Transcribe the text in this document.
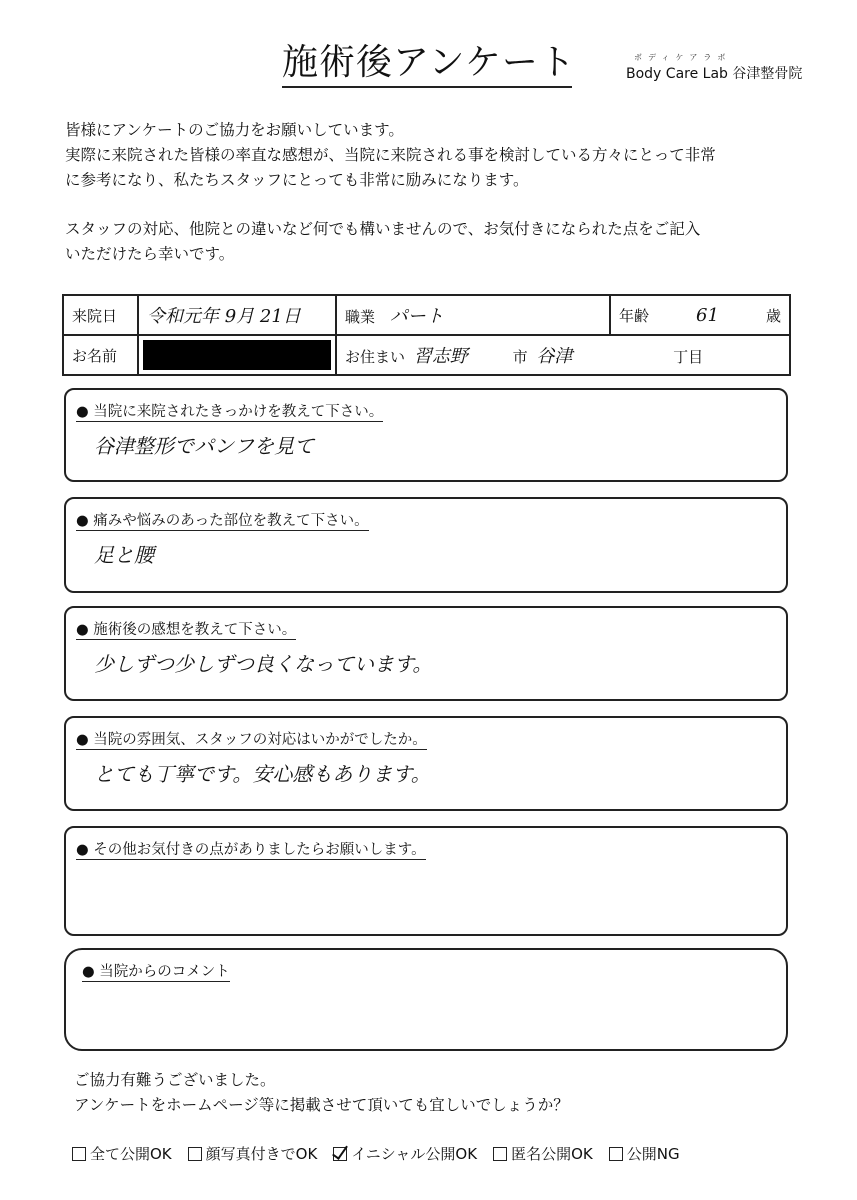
施術後アンケート	ボディケアラボ
Body Care Lab 谷津整骨院

皆様にアンケートのご協力をお願いしています。

実際に来院された皆様の率直な感想が、当院に来院される事を検討している方々にとって非常

に参考になり、私たちスタッフにとっても非常に励みになります。

スタッフの対応、他院との違いなど何でも構いませんので、お気付きになられた点をご記入

いただけたら幸いです。

来院日	令和元年 9月 21日	職業 パート	年齢 61 歳

お名前		お住まい 習志野 市 谷津 丁目	
● 当院に来院されたきっかけを教えて下さい。
谷津整形でパンフを見て
● 痛みや悩みのあった部位を教えて下さい。
足と腰
● 施術後の感想を教えて下さい。
少しずつ少しずつ良くなっています。
● 当院の雰囲気、スタッフの対応はいかがでしたか。
とても丁寧です。安心感もあります。
● その他お気付きの点がありましたらお願いします。
● 当院からのコメント

ご協力有難うございました。

アンケートをホームページ等に掲載させて頂いても宜しいでしょうか？

全て公開OK 顔写真付きでOK イニシャル公開OK 匿名公開OK 公開NG
